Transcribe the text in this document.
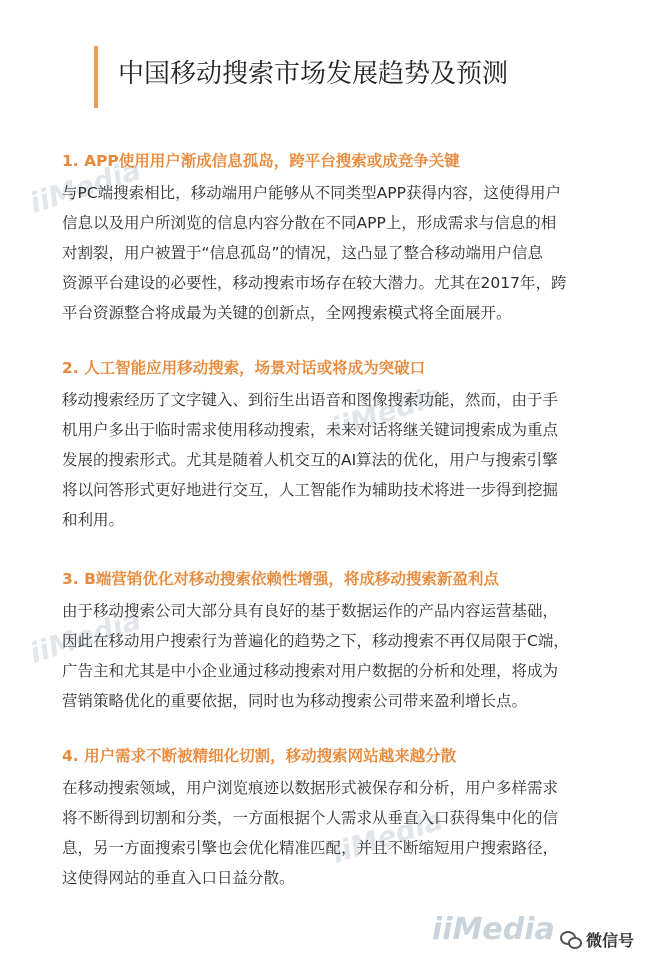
中国移动搜索市场发展趋势及预测
iiMedia
iiMedia
iiMedia
iiMedia
1. APP使用用户渐成信息孤岛，跨平台搜索或成竞争关键
与PC端搜索相比，移动端用户能够从不同类型APP获得内容，这使得用户
信息以及用户所浏览的信息内容分散在不同APP上，形成需求与信息的相
对割裂，用户被置于“信息孤岛”的情况，这凸显了整合移动端用户信息
资源平台建设的必要性，移动搜索市场存在较大潜力。尤其在2017年，跨
平台资源整合将成最为关键的创新点，全网搜索模式将全面展开。
2. 人工智能应用移动搜索，场景对话或将成为突破口
移动搜索经历了文字键入、到衍生出语音和图像搜索功能，然而，由于手
机用户多出于临时需求使用移动搜索，未来对话将继关键词搜索成为重点
发展的搜索形式。尤其是随着人机交互的AI算法的优化，用户与搜索引擎
将以问答形式更好地进行交互，人工智能作为辅助技术将进一步得到挖掘
和利用。
3. B端营销优化对移动搜索依赖性增强，将成移动搜索新盈利点
由于移动搜索公司大部分具有良好的基于数据运作的产品内容运营基础，
因此在移动用户搜索行为普遍化的趋势之下，移动搜索不再仅局限于C端，
广告主和尤其是中小企业通过移动搜索对用户数据的分析和处理，将成为
营销策略优化的重要依据，同时也为移动搜索公司带来盈利增长点。
4. 用户需求不断被精细化切割，移动搜索网站越来越分散
在移动搜索领域，用户浏览痕迹以数据形式被保存和分析，用户多样需求
将不断得到切割和分类，一方面根据个人需求从垂直入口获得集中化的信
息，另一方面搜索引擎也会优化精准匹配，并且不断缩短用户搜索路径，
这使得网站的垂直入口日益分散。
iiMedia 微信号
